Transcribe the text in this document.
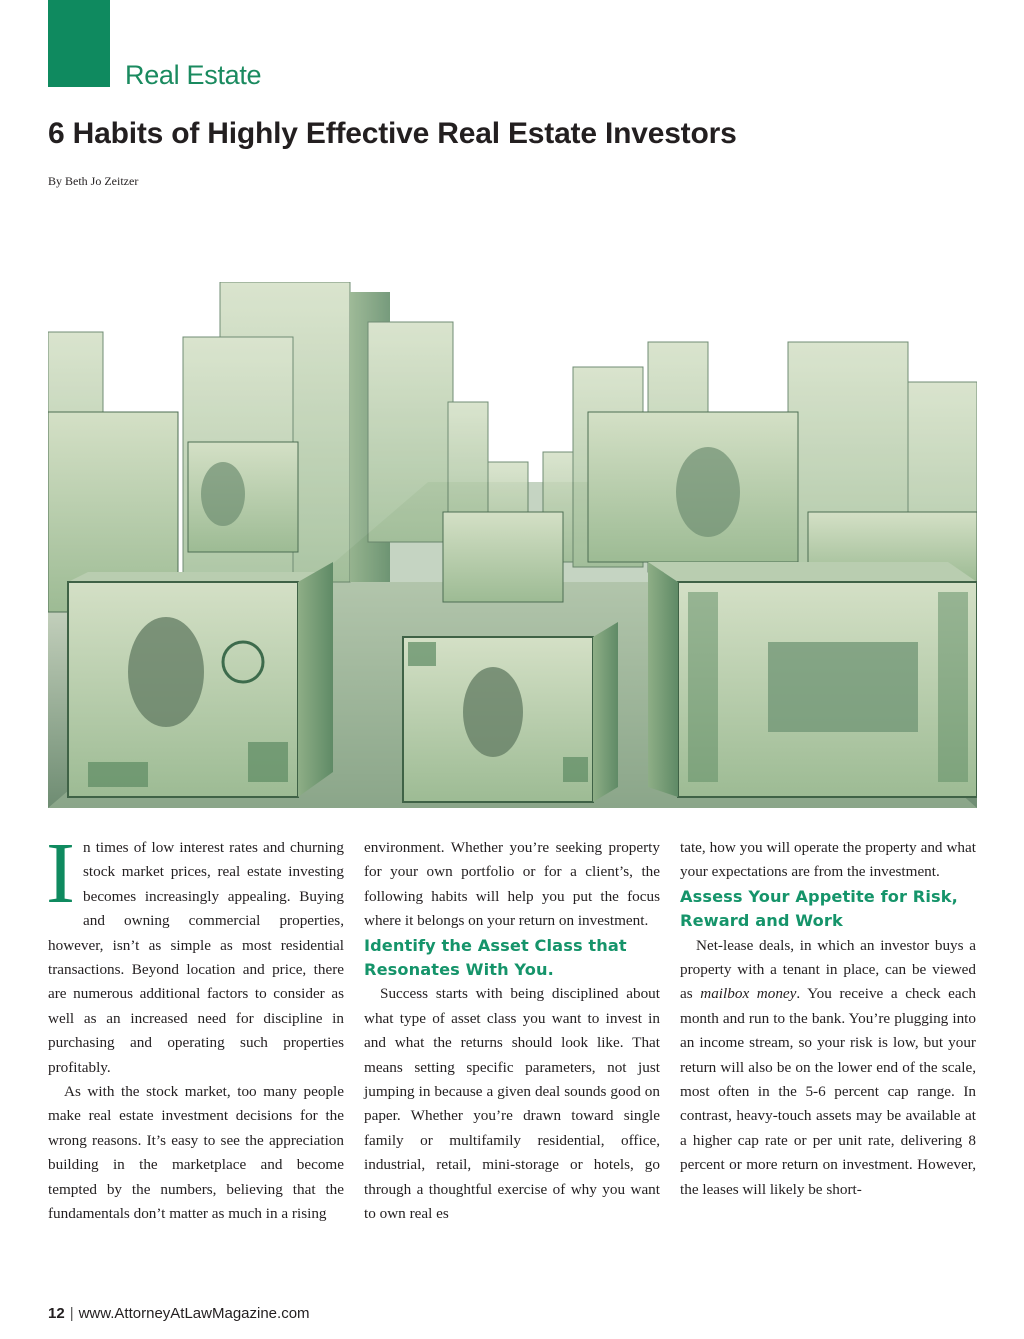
Real Estate
6 Habits of Highly Effective Real Estate Investors
By Beth Jo Zeitzer

In times of low interest rates and churning stock market prices, real estate investing becomes increasingly appealing. Buying and owning commercial properties, however, isn’t as simple as most residential transactions. Beyond location and price, there are numerous additional factors to consider as well as an increased need for discipline in purchasing and operating such properties profitably.

As with the stock market, too many people make real estate investment decisions for the wrong reasons. It’s easy to see the appreciation building in the marketplace and become tempted by the numbers, believing that the fundamentals don’t matter as much in a rising

environment. Whether you’re seeking property for your own portfolio or for a client’s, the following habits will help you put the focus where it belongs on your return on investment.

Identify the Asset Class that Resonates With You.

Success starts with being disciplined about what type of asset class you want to invest in and what the returns should look like. That means setting specific parameters, not just jumping in because a given deal sounds good on paper. Whether you’re drawn toward single family or multifamily residential, office, industrial, retail, mini-storage or hotels, go through a thoughtful exercise of why you want to own real es

tate, how you will operate the property and what your expectations are from the investment.

Assess Your Appetite for Risk, Reward and Work

Net-lease deals, in which an investor buys a property with a tenant in place, can be viewed as mailbox money. You receive a check each month and run to the bank. You’re plugging into an income stream, so your risk is low, but your return will also be on the lower end of the scale, most often in the 5-6 percent cap range. In contrast, heavy-touch assets may be available at a higher cap rate or per unit rate, delivering 8 percent or more return on investment. However, the leases will likely be short-

12 | www.AttorneyAtLawMagazine.com
